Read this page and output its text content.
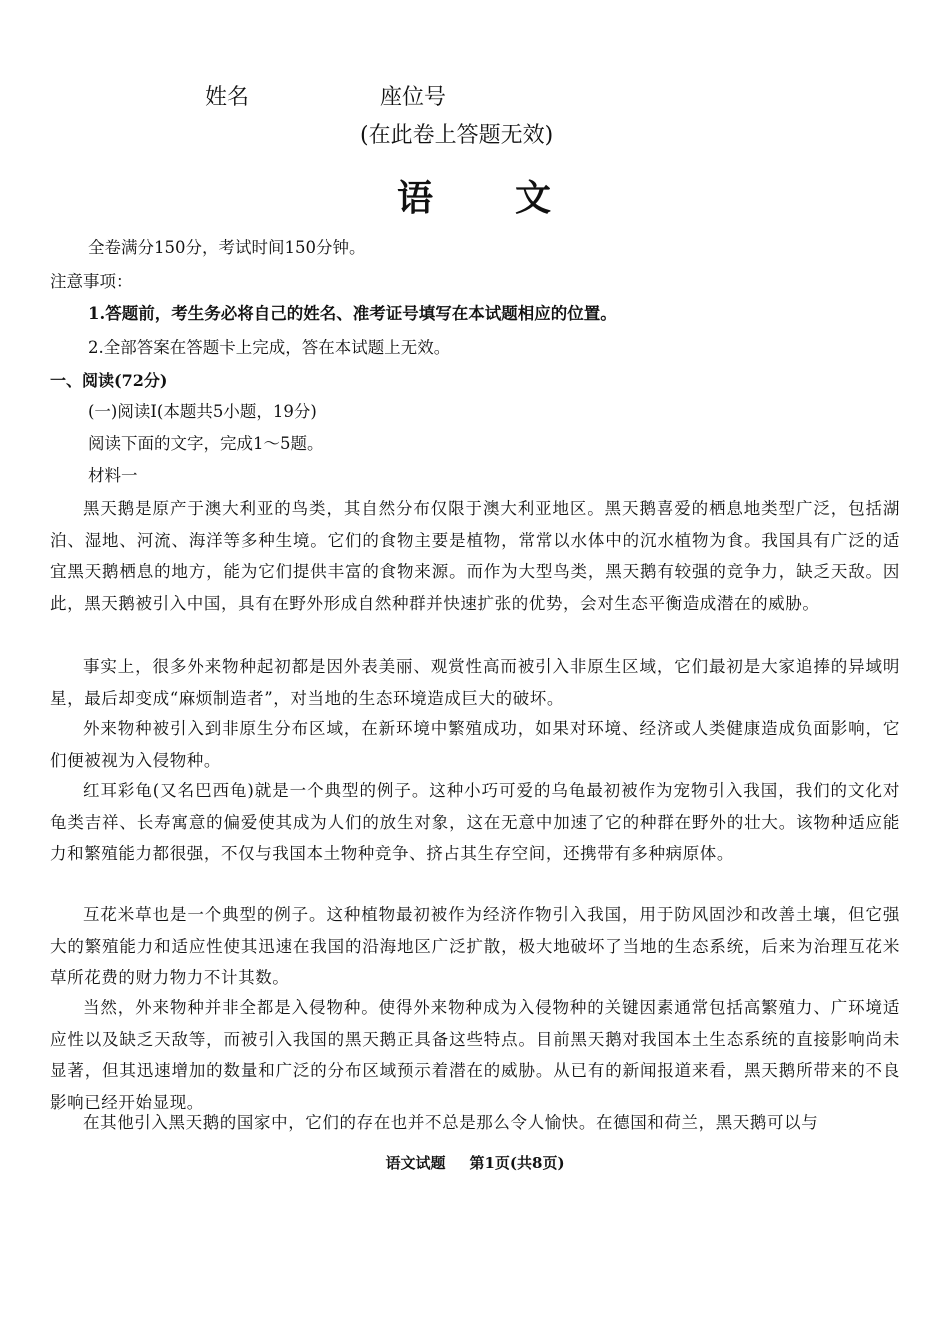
姓名	座位号
(在此卷上答题无效)
语 文
全卷满分150分，考试时间150分钟。
注意事项：
1.答题前，考生务必将自己的姓名、准考证号填写在本试题相应的位置。
2.全部答案在答题卡上完成，答在本试题上无效。
一、阅读(72分)
(一)阅读Ⅰ(本题共5小题，19分)
阅读下面的文字，完成1～5题。
材料一
黑天鹅是原产于澳大利亚的鸟类，其自然分布仅限于澳大利亚地区。黑天鹅喜爱的栖息地类型广泛，包括湖泊、湿地、河流、海洋等多种生境。它们的食物主要是植物，常常以水体中的沉水植物为食。我国具有广泛的适宜黑天鹅栖息的地方，能为它们提供丰富的食物来源。而作为大型鸟类，黑天鹅有较强的竞争力，缺乏天敌。因此，黑天鹅被引入中国，具有在野外形成自然种群并快速扩张的优势，会对生态平衡造成潜在的威胁。
事实上，很多外来物种起初都是因外表美丽、观赏性高而被引入非原生区域，它们最初是大家追捧的异域明星，最后却变成“麻烦制造者”，对当地的生态环境造成巨大的破坏。
外来物种被引入到非原生分布区域，在新环境中繁殖成功，如果对环境、经济或人类健康造成负面影响，它们便被视为入侵物种。
红耳彩龟(又名巴西龟)就是一个典型的例子。这种小巧可爱的乌龟最初被作为宠物引入我国，我们的文化对龟类吉祥、长寿寓意的偏爱使其成为人们的放生对象，这在无意中加速了它的种群在野外的壮大。该物种适应能力和繁殖能力都很强，不仅与我国本土物种竞争、挤占其生存空间，还携带有多种病原体。
互花米草也是一个典型的例子。这种植物最初被作为经济作物引入我国，用于防风固沙和改善土壤，但它强大的繁殖能力和适应性使其迅速在我国的沿海地区广泛扩散，极大地破坏了当地的生态系统，后来为治理互花米草所花费的财力物力不计其数。
当然，外来物种并非全都是入侵物种。使得外来物种成为入侵物种的关键因素通常包括高繁殖力、广环境适应性以及缺乏天敌等，而被引入我国的黑天鹅正具备这些特点。目前黑天鹅对我国本土生态系统的直接影响尚未显著，但其迅速增加的数量和广泛的分布区域预示着潜在的威胁。从已有的新闻报道来看，黑天鹅所带来的不良影响已经开始显现。
在其他引入黑天鹅的国家中，它们的存在也并不总是那么令人愉快。在德国和荷兰，黑天鹅可以与
语文试题 第1页(共8页)
